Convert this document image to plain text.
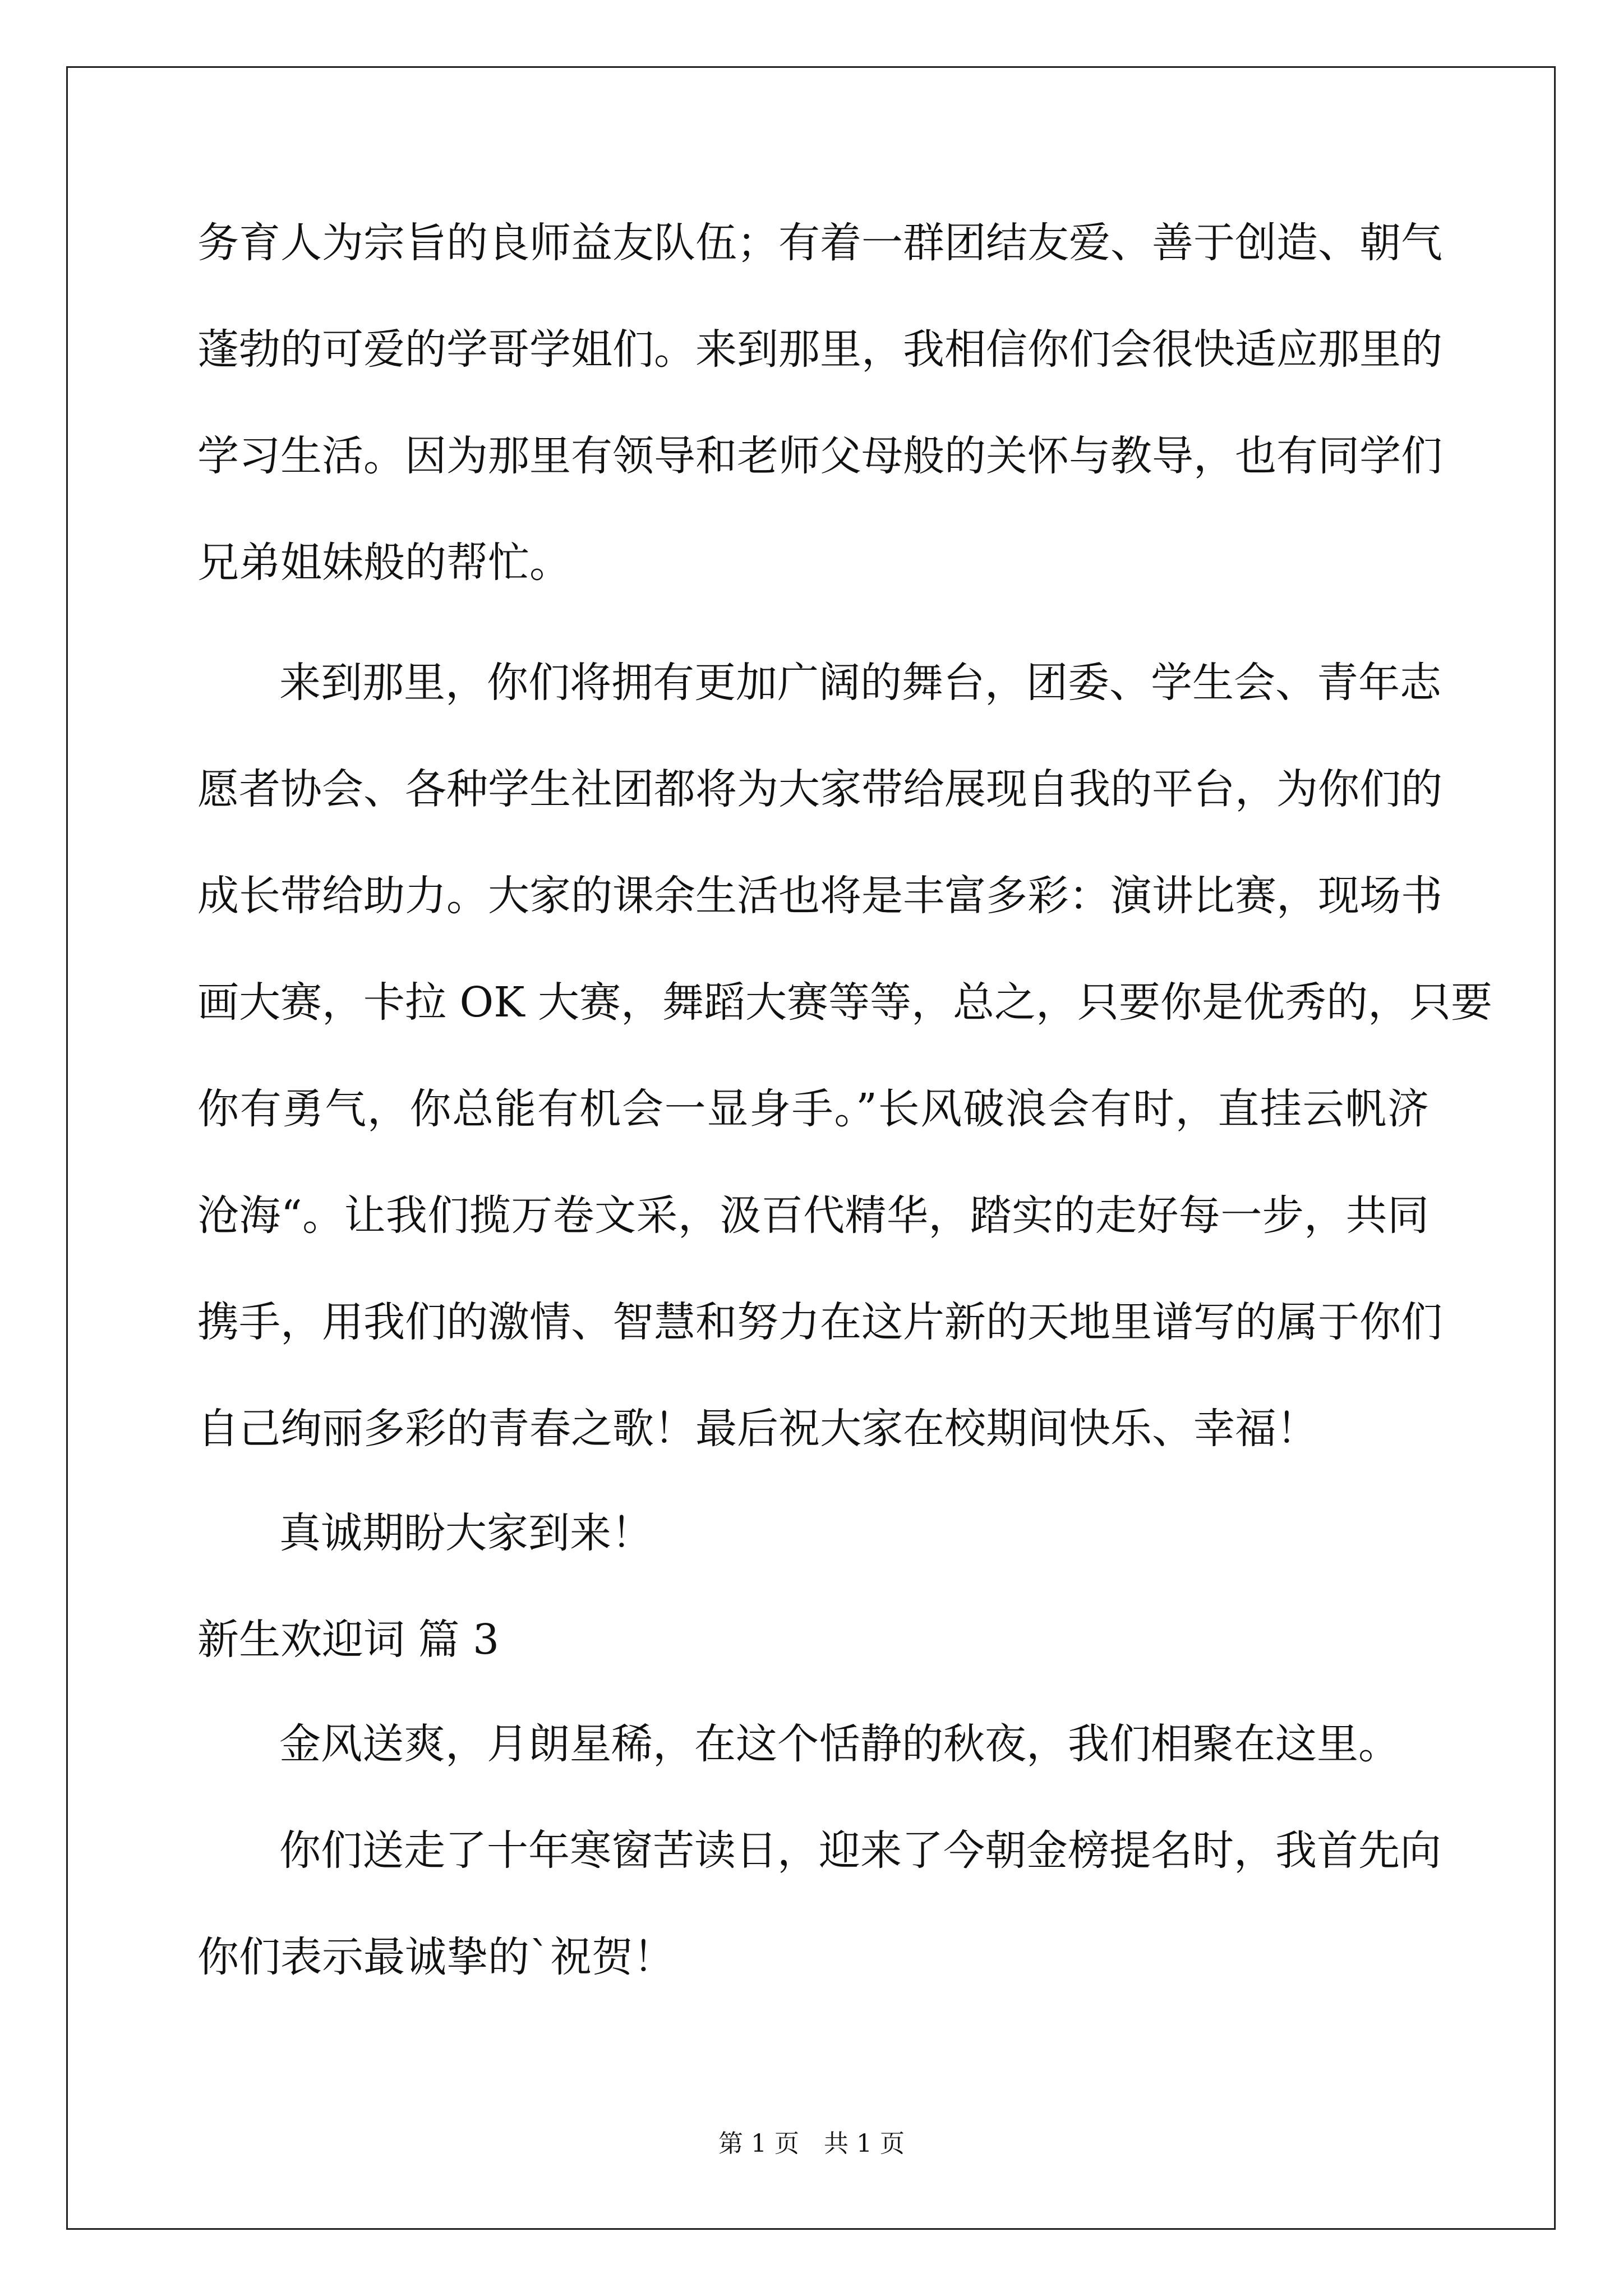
务育人为宗旨的良师益友队伍；有着一群团结友爱、善于创造、朝气
蓬勃的可爱的学哥学姐们。来到那里，我相信你们会很快适应那里的
学习生活。因为那里有领导和老师父母般的关怀与教导，也有同学们
兄弟姐妹般的帮忙。
来到那里，你们将拥有更加广阔的舞台，团委、学生会、青年志
愿者协会、各种学生社团都将为大家带给展现自我的平台，为你们的
成长带给助力。大家的课余生活也将是丰富多彩：演讲比赛，现场书
画大赛，卡拉 OK 大赛，舞蹈大赛等等，总之，只要你是优秀的，只要
你有勇气，你总能有机会一显身手。”长风破浪会有时，直挂云帆济
沧海“。让我们揽万卷文采，汲百代精华，踏实的走好每一步，共同
携手，用我们的激情、智慧和努力在这片新的天地里谱写的属于你们
自己绚丽多彩的青春之歌！最后祝大家在校期间快乐、幸福！
真诚期盼大家到来！
新生欢迎词 篇 3
金风送爽，月朗星稀，在这个恬静的秋夜，我们相聚在这里。
你们送走了十年寒窗苦读日，迎来了今朝金榜提名时，我首先向
你们表示最诚挚的`祝贺！
第 1 页　共 1 页
